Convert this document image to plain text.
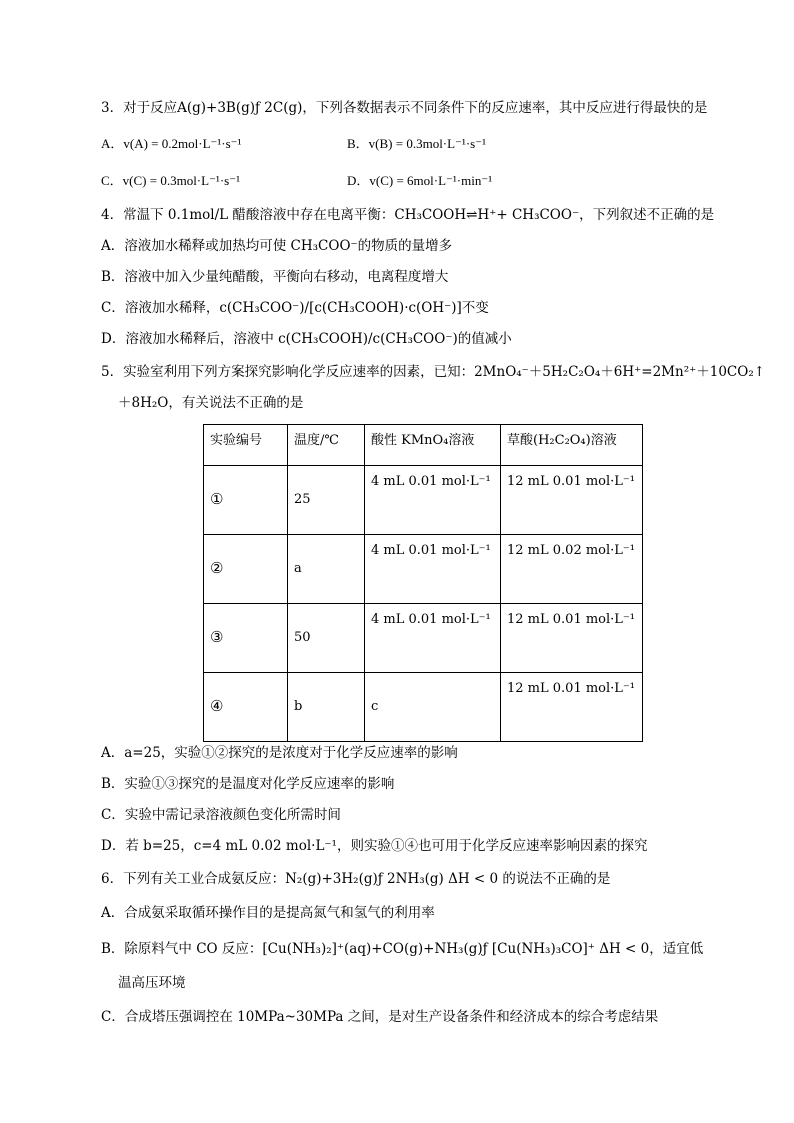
3．对于反应A(g)+3B(g)ƒ 2C(g)，下列各数据表示不同条件下的反应速率，其中反应进行得最快的是
A．v(A) = 0.2mol·L⁻¹·s⁻¹	B．v(B) = 0.3mol·L⁻¹·s⁻¹
C．v(C) = 0.3mol·L⁻¹·s⁻¹	D．v(C) = 6mol·L⁻¹·min⁻¹
4．常温下 0.1mol/L 醋酸溶液中存在电离平衡：CH₃COOH⇌H⁺+ CH₃COO⁻，下列叙述不正确的是
A．溶液加水稀释或加热均可使 CH₃COO⁻的物质的量增多
B．溶液中加入少量纯醋酸，平衡向右移动，电离程度增大
C．溶液加水稀释，c(CH₃COO⁻)/[c(CH₃COOH)·c(OH⁻)]不变
D．溶液加水稀释后，溶液中 c(CH₃COOH)/c(CH₃COO⁻)的值减小
5．实验室利用下列方案探究影响化学反应速率的因素，已知：2MnO₄⁻＋5H₂C₂O₄＋6H⁺=2Mn²⁺＋10CO₂↑
＋8H₂O，有关说法不正确的是
实验编号	温度/℃	酸性 KMnO₄溶液	草酸(H₂C₂O₄)溶液
①	25	4 mL 0.01 mol·L⁻¹	12 mL 0.01 mol·L⁻¹

②	a	4 mL 0.01 mol·L⁻¹	12 mL 0.02 mol·L⁻¹

③	50	4 mL 0.01 mol·L⁻¹	12 mL 0.01 mol·L⁻¹

④	b	c	12 mL 0.01 mol·L⁻¹
A．a=25，实验①②探究的是浓度对于化学反应速率的影响
B．实验①③探究的是温度对化学反应速率的影响
C．实验中需记录溶液颜色变化所需时间
D．若 b=25，c=4 mL 0.02 mol·L⁻¹，则实验①④也可用于化学反应速率影响因素的探究
6．下列有关工业合成氨反应：N₂(g)+3H₂(g)ƒ 2NH₃(g) ΔH < 0 的说法不正确的是
A．合成氨采取循环操作目的是提高氮气和氢气的利用率
B．除原料气中 CO 反应：[Cu(NH₃)₂]⁺(aq)+CO(g)+NH₃(g)ƒ [Cu(NH₃)₃CO]⁺ ΔH < 0，适宜低
温高压环境
C．合成塔压强调控在 10MPa~30MPa 之间，是对生产设备条件和经济成本的综合考虑结果
